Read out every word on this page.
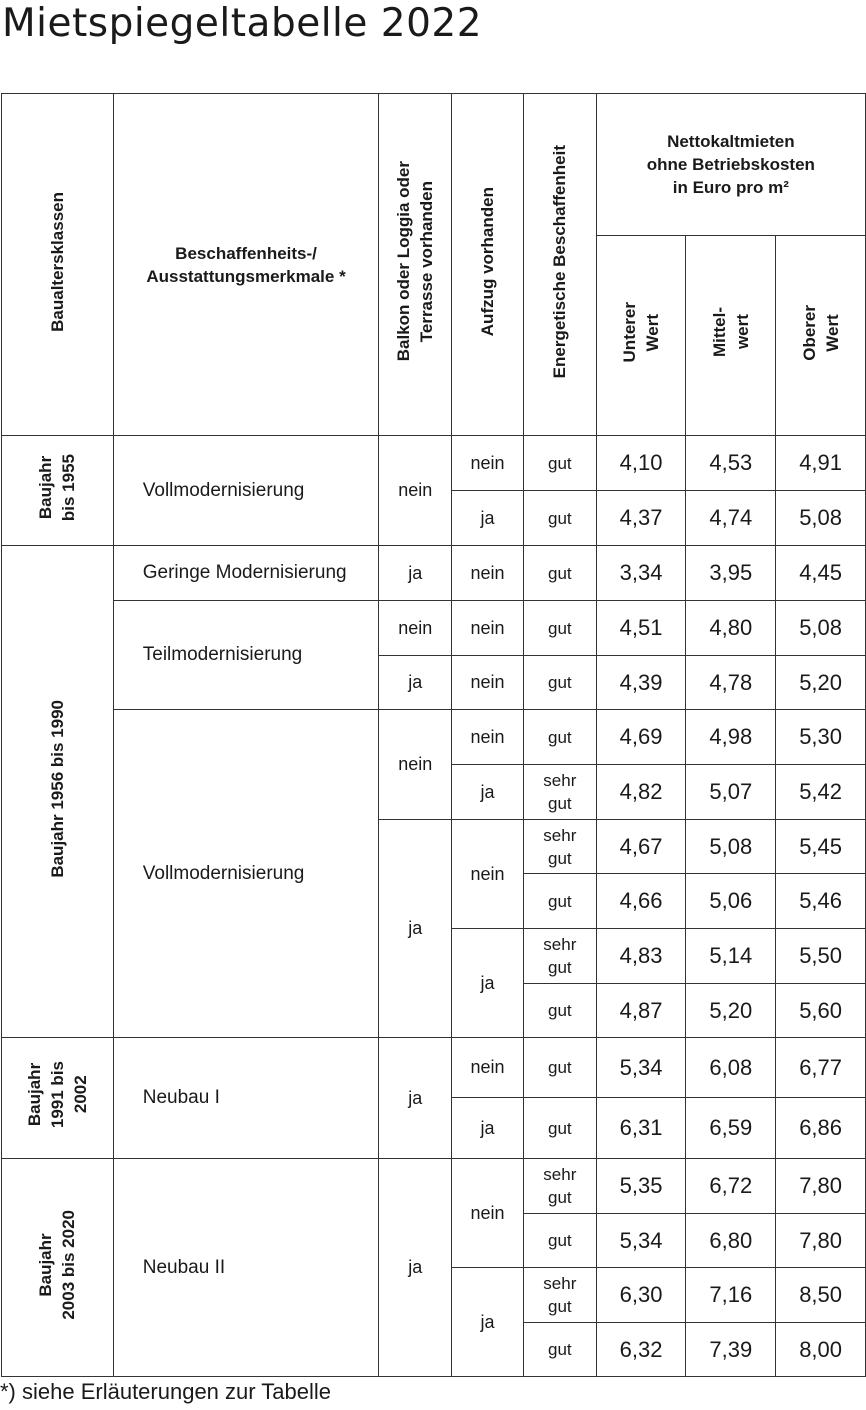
Mietspiegeltabelle 2022
Baualtersklassen	Beschaffenheits-/
Ausstattungsmerkmale *	Balkon oder Loggia oder Terrasse vorhanden	Aufzug vorhanden	Energetische Beschaffenheit	Nettokaltmieten
ohne Betriebskosten
in Euro pro m²		
					Unterer Wert	Mittel- wert	Oberer Wert
Baujahr bis 1955	Vollmodernisierung	nein	nein	gut	4,10	4,53	4,91
			ja	gut	4,37	4,74	5,08
Baujahr 1956 bis 1990	Geringe Modernisierung	ja	nein	gut	3,34	3,95	4,45
	Teilmodernisierung	nein	nein	gut	4,51	4,80	5,08
		ja	nein	gut	4,39	4,78	5,20
	Vollmodernisierung	nein	nein	gut	4,69	4,98	5,30
			ja	sehr
gut	4,82	5,07	5,42
		ja	nein	sehr
gut	4,67	5,08	5,45
				gut	4,66	5,06	5,46
			ja	sehr
gut	4,83	5,14	5,50
				gut	4,87	5,20	5,60
Baujahr 1991 bis 2002	Neubau I	ja	nein	gut	5,34	6,08	6,77
			ja	gut	6,31	6,59	6,86
Baujahr 2003 bis 2020	Neubau II	ja	nein	sehr
gut	5,35	6,72	7,80
				gut	5,34	6,80	7,80
			ja	sehr
gut	6,30	7,16	8,50
				gut	6,32	7,39	8,00
*) siehe Erläuterungen zur Tabelle
